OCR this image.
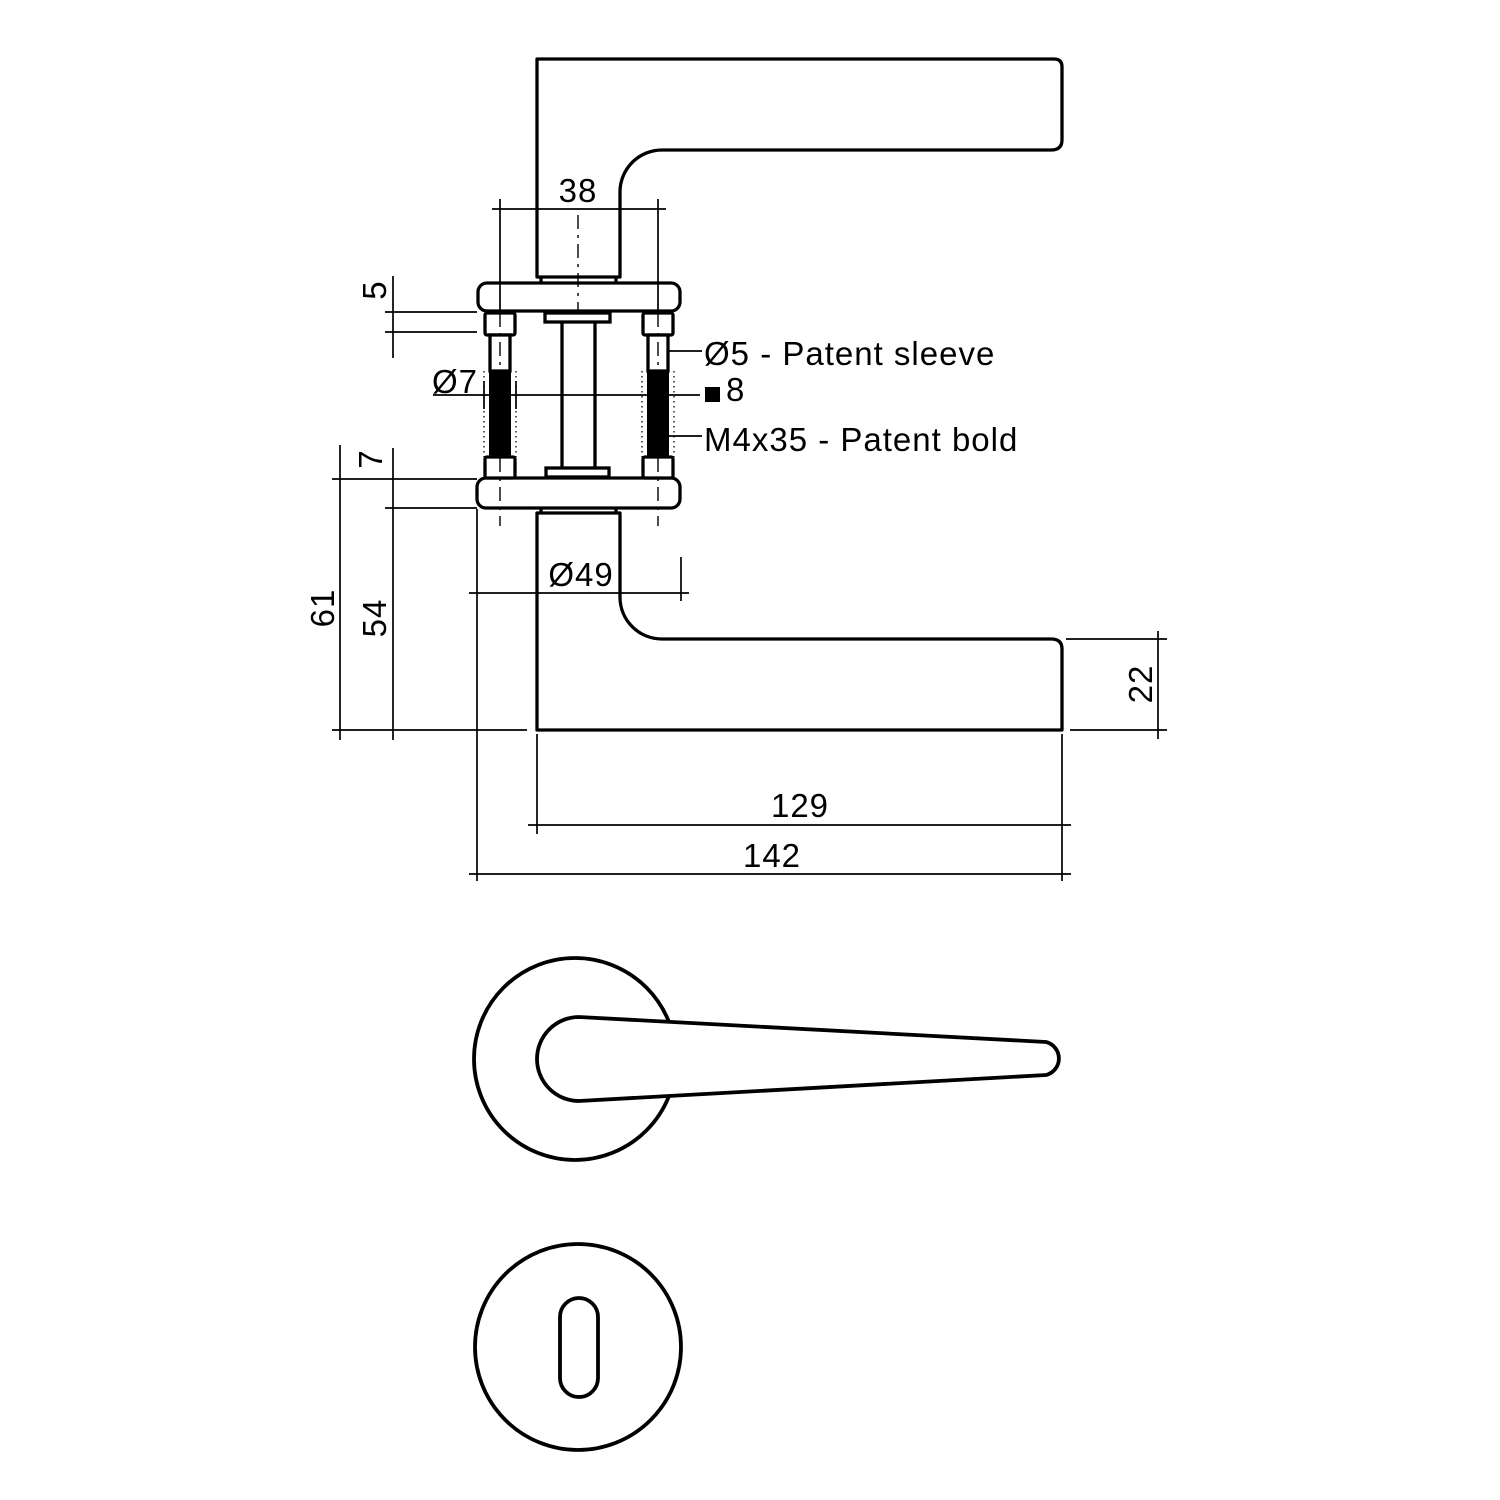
38
5
Ø7
Ø5 - Patent sleeve
8
M4x35 - Patent bold
7
61 54
Ø49
22
129
142
